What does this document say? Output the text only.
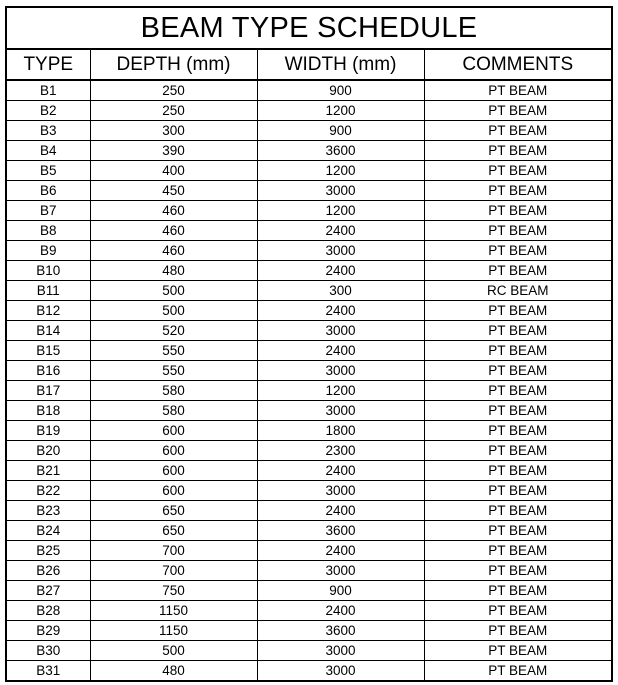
BEAM TYPE SCHEDULE			
TYPE	DEPTH (mm)	WIDTH (mm)	COMMENTS
B1	250	900	PT BEAM
B2	250	1200	PT BEAM
B3	300	900	PT BEAM
B4	390	3600	PT BEAM
B5	400	1200	PT BEAM
B6	450	3000	PT BEAM
B7	460	1200	PT BEAM
B8	460	2400	PT BEAM
B9	460	3000	PT BEAM
B10	480	2400	PT BEAM
B11	500	300	RC BEAM
B12	500	2400	PT BEAM
B14	520	3000	PT BEAM
B15	550	2400	PT BEAM
B16	550	3000	PT BEAM
B17	580	1200	PT BEAM
B18	580	3000	PT BEAM
B19	600	1800	PT BEAM
B20	600	2300	PT BEAM
B21	600	2400	PT BEAM
B22	600	3000	PT BEAM
B23	650	2400	PT BEAM
B24	650	3600	PT BEAM
B25	700	2400	PT BEAM
B26	700	3000	PT BEAM
B27	750	900	PT BEAM
B28	1150	2400	PT BEAM
B29	1150	3600	PT BEAM
B30	500	3000	PT BEAM
B31	480	3000	PT BEAM
